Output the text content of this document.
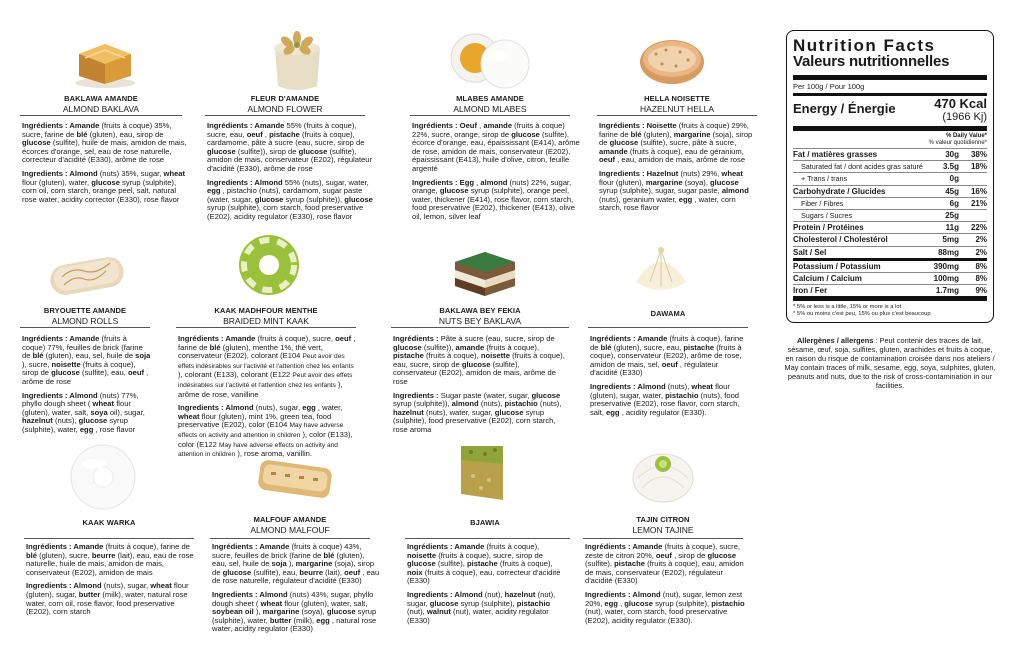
BAKLAWA AMANDE
ALMOND BAKLAVA

Ingrédients : Amande (fruits à coque) 35%, sucre, farine de blé (gluten), eau, sirop de glucose (sulfite), huile de mais, amidon de mais, écorces d'orange, sel, eau de rose naturelle, correcteur d'acidité (E330), arôme de rose

Ingredients : Almond (nuts) 35%, sugar, wheat flour (gluten), water, glucose syrup (sulphite), corn oil, corn starch, orange peel, salt, natural rose water, acidity corrector (E330), rose flavor

FLEUR D'AMANDE
ALMOND FLOWER

Ingrédients : Amande 55% (fruits à coque), sucre, eau, oeuf , pistache (fruits à coque), cardamome, pâte à sucre (eau, sucre, sirop de glucose (sulfite)), sirop de glucose (sulfite), amidon de mais, conservateur (E202), régulateur d'acidité (E330), arôme de rose

Ingredients : Almond 55% (nuts), sugar, water, egg , pistachio (nuts), cardamom, sugar paste (water, sugar, glucose syrup (sulphite)), glucose syrup (sulphite), corn starch, food preservative (E202), acidity regulator (E330), rose flavor

MLABES AMANDE
ALMOND MLABES

Ingrédients : Oeuf , amande (fruits à coque) 22%, sucre, orange, sirop de glucose (sulfite), écorce d'orange, eau, épaississant (E414), arôme de rose, amidon de mais, conservateur (E202), épaississant (E413), huile d'olive, citron, feuille argenté

Ingredients : Egg , almond (nuts) 22%, sugar, orange, glucose syrup (sulphite), orange peel, water, thickener (E414), rose flavor, corn starch, food preservative (E202), thickener (E413), olive oil, lemon, silver leaf

HELLA NOISETTE
HAZELNUT HELLA

Ingrédients : Noisette (fruits à coque) 29%, farine de blé (gluten), margarine (soja), sirop de glucose (sulfite), sucre, pâte à sucre, amande (fruits à coque), eau de géranium, oeuf , eau, amidon de mais, arôme de rose

Ingredients : Hazelnut (nuts) 29%, wheat flour (gluten), margarine (soya), glucose syrup (sulphite), sugar, sugar paste, almond (nuts), geranium water, egg , water, corn starch, rose flavor

BRYOUETTE AMANDE
ALMOND ROLLS

Ingrédients : Amande (fruits à coque) 77%, feuilles de brick (farine de blé (gluten), eau, sel, huile de soja ), sucre, noisette (fruits à coque), sirop de glucose (sulfite), eau, oeuf , arôme de rose

Ingredients : Almond (nuts) 77%, phyllo dough sheet ( wheat flour (gluten), water, salt, soya oil), sugar, hazelnut (nuts), glucose syrup (sulphite), water, egg , rose flavor

KAAK MADHFOUR MENTHE
BRAIDED MINT KAAK

Ingrédients : Amande (fruits à coque), sucre, oeuf , farine de blé (gluten), menthe 1%, thé vert, conservateur (E202), colorant (E104 Peut avoir des effets indésirables sur l'activité et l'attention chez les enfants ), colorant (E133), colorant (E122 Peut avoir des effets indésirables sur l'activité et l'attention chez les enfants ), arôme de rose, vanilline

Ingredients : Almond (nuts), sugar, egg , water, wheat flour (gluten), mint 1%, green tea, food preservative (E202), color (E104 May have adverse effects on activity and attention in children ), color (E133), color (E122 May have adverse effects on activity and attention in children ), rose aroma, vanillin.

BAKLAWA BEY FEKIA
NUTS BEY BAKLAVA

Ingrédients : Pâte à sucre (eau, sucre, sirop de glucose (sulfite)), amande (fruits à coque), pistache (fruits à coque), noisette (fruits à coque), eau, sucre, sirop de glucose (sulfite), conservateur (E202), amidon de mais, arôme de rose

Ingredients : Sugar paste (water, sugar, glucose syrup (sulphite)), almond (nuts), pistachio (nuts), hazelnut (nuts), water, sugar, glucose syrup (sulphite), food preservative (E202), corn starch, rose aroma

DAWAMA

Ingrédients : Amande (fruits à coque), farine de blé (gluten), sucre, eau, pistache (fruits à coque), conservateur (E202), arôme de rose, amidon de mais, sel, oeuf , régulateur d'acidité (E330)

Ingredients : Almond (nuts), wheat flour (gluten), sugar, water, pistachio (nuts), food preservative (E202), rose flavor, corn starch, salt, egg , acidity regulator (E330).

KAAK WARKA

Ingrédients : Amande (fruits à coque), farine de blé (gluten), sucre, beurre (lait), eau, eau de rose naturelle, huile de mais, amidon de mais, conservateur (E202), amidon de mais

Ingredients : Almond (nuts), sugar, wheat flour (gluten), sugar, butter (milk), water, natural rose water, corn oil, rose flavor, food preservative (E202), corn starch

MALFOUF AMANDE
ALMOND MALFOUF

Ingrédients : Amande (fruits à coque) 43%, sucre, feuilles de brick (farine de blé (gluten), eau, sel, huile de soja ), margarine (soja), sirop de glucose (sulfite), eau, beurre (lait), oeuf , eau de rose naturelle, régulateur d'acidité (E330)

Ingredients : Almond (nuts) 43%, sugar, phyllo dough sheet ( wheat flour (gluten), water, salt, soybean oil ), margarine (soya), glucose syrup (sulphite), water, butter (milk), egg , natural rose water, acidity regulator (E330)

BJAWIA

Ingrédients : Amande (fruits à coque), noisette (fruits à coque), sucre, sirop de glucose (sulfite), pistache (fruits à coque), noix (fruits à coque), eau, correcteur d'acidité (E330)

Ingredients : Almond (nut), hazelnut (nut), sugar, glucose syrup (sulphite), pistachio (nut), walnut (nut), water, acidity regulator (E330)

TAJIN CITRON
LEMON TAJINE

Ingrédients : Amande (fruits à coque), sucre, zeste de citron 20%, oeuf , sirop de glucose (sulfite), pistache (fruits à coque), eau, amidon de mais, conservateur (E202), régulateur d'acidité (E330)

Ingredients : Almond (nut), sugar, lemon zest 20%, egg , glucose syrup (sulphite), pistachio (nut), water, corn starch, food preservative (E202), acidity regulator (E330).

Nutrition Facts
Valeurs nutritionnelles
Per 100g / Pour 100g
Energy / Énergie	470 Kcal
(1966 Kj)
% Daily Value*
% valeur quotidienne*
Fat / matières grasses	30g	38%
Saturated fat / dont acides gras saturé	3.5g	18%
+ Trans / trans	0g
Carbohydrate / Glucides	45g	16%
Fiber / Fibres	6g	21%
Sugars / Sucres	25g
Protein / Protéines	11g	22%
Cholesterol / Cholestérol	5mg	2%
Salt / Sel	88mg	2%
Potassium / Potassium	390mg	8%
Calcium / Calcium	100mg	8%
Iron / Fer	1.7mg	9%
* 5% or less is a little, 15% or more is a lot
* 5% ou moins c'est peu, 15% ou plus c'est beaucoup
Allergènes / allergens : Peut contenir des traces de lait, sésame, œuf, soja, sulfites, gluten, arachides et fruits à coque, en raison du risque de contamination croisée dans nos ateliers / May contain traces of milk, sesame, egg, soya, sulphites, gluten, peanuts and nuts, due to the risk of cross-contamination in our facilities.
